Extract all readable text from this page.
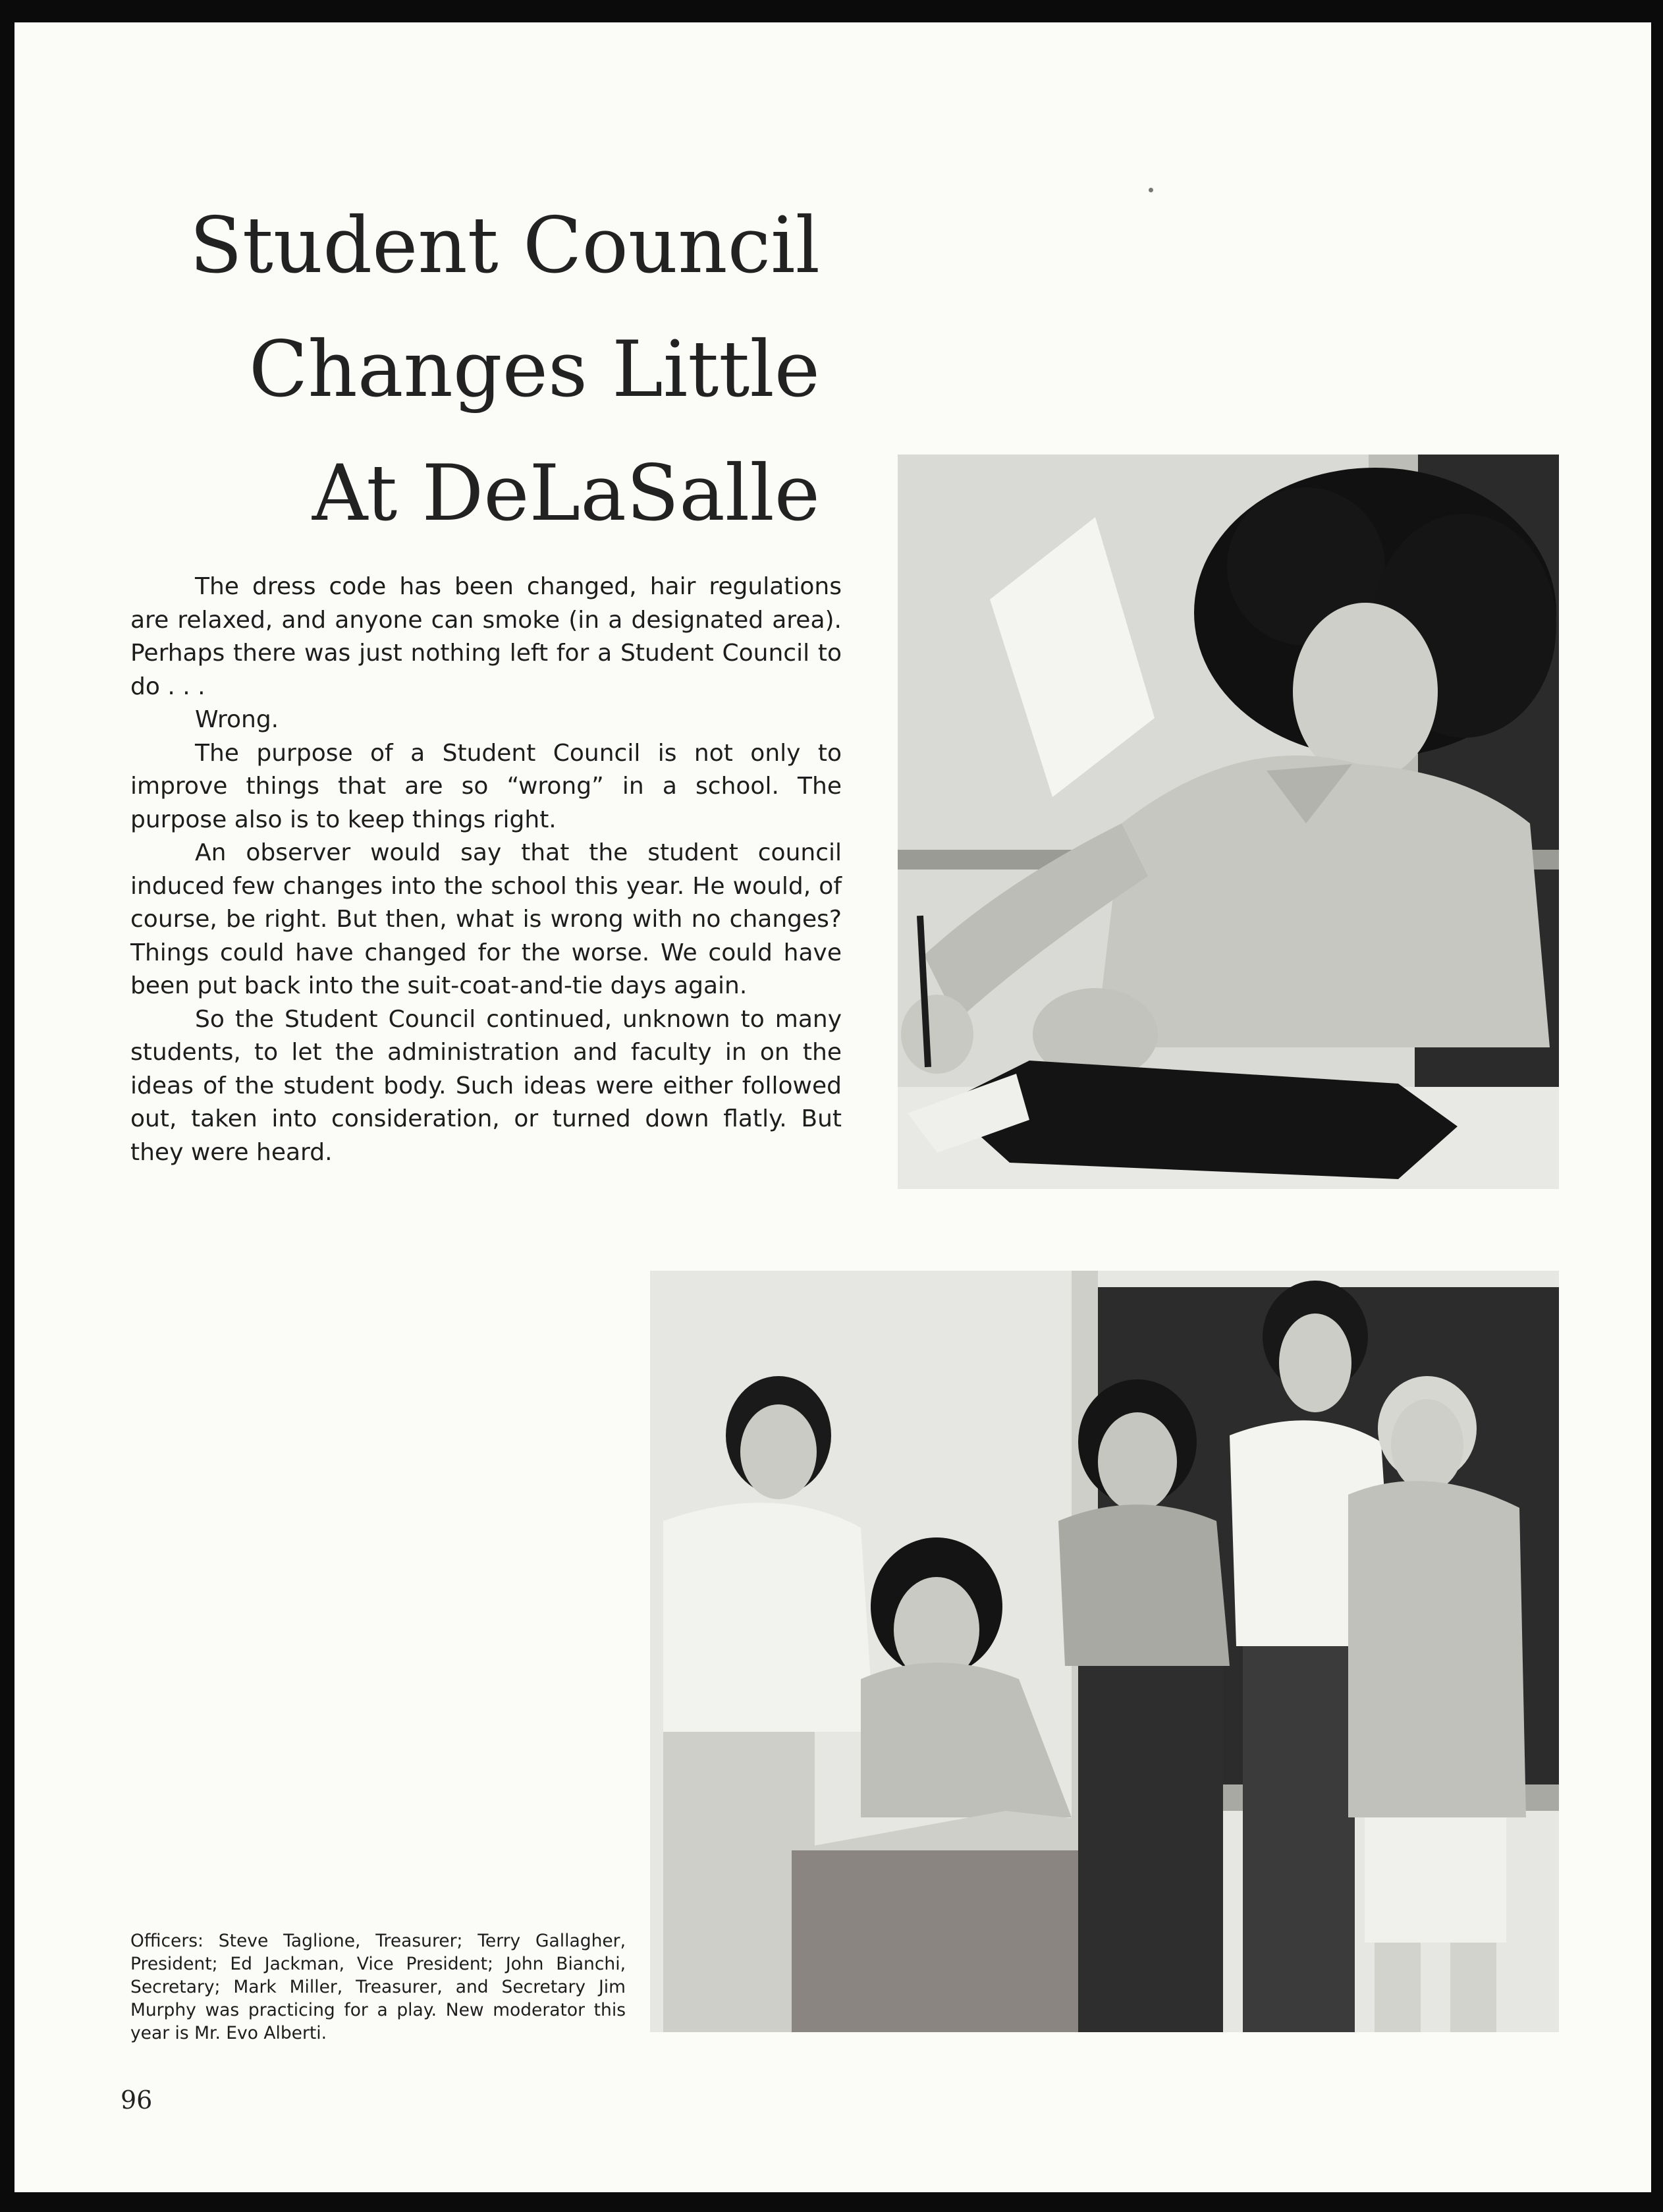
Student Council
Changes Little
At DeLaSalle

The dress code has been changed, hair regulations are relaxed, and anyone can smoke (in a designated area). Perhaps there was just nothing left for a Student Council to do . . .

Wrong.

The purpose of a Student Council is not only to improve things that are so “wrong” in a school. The purpose also is to keep things right.

An observer would say that the student council induced few changes into the school this year. He would, of course, be right. But then, what is wrong with no changes? Things could have changed for the worse. We could have been put back into the suit-coat-and-tie days again.

So the Student Council continued, unknown to many students, to let the administration and faculty in on the ideas of the student body. Such ideas were either followed out, taken into consideration, or turned down flatly. But they were heard.

Officers: Steve Taglione, Treasurer; Terry Gallagher, President; Ed Jackman, Vice President; John Bianchi, Secretary; Mark Miller, Treasurer, and Secretary Jim Murphy was practicing for a play. New moderator this year is Mr. Evo Alberti.
96
